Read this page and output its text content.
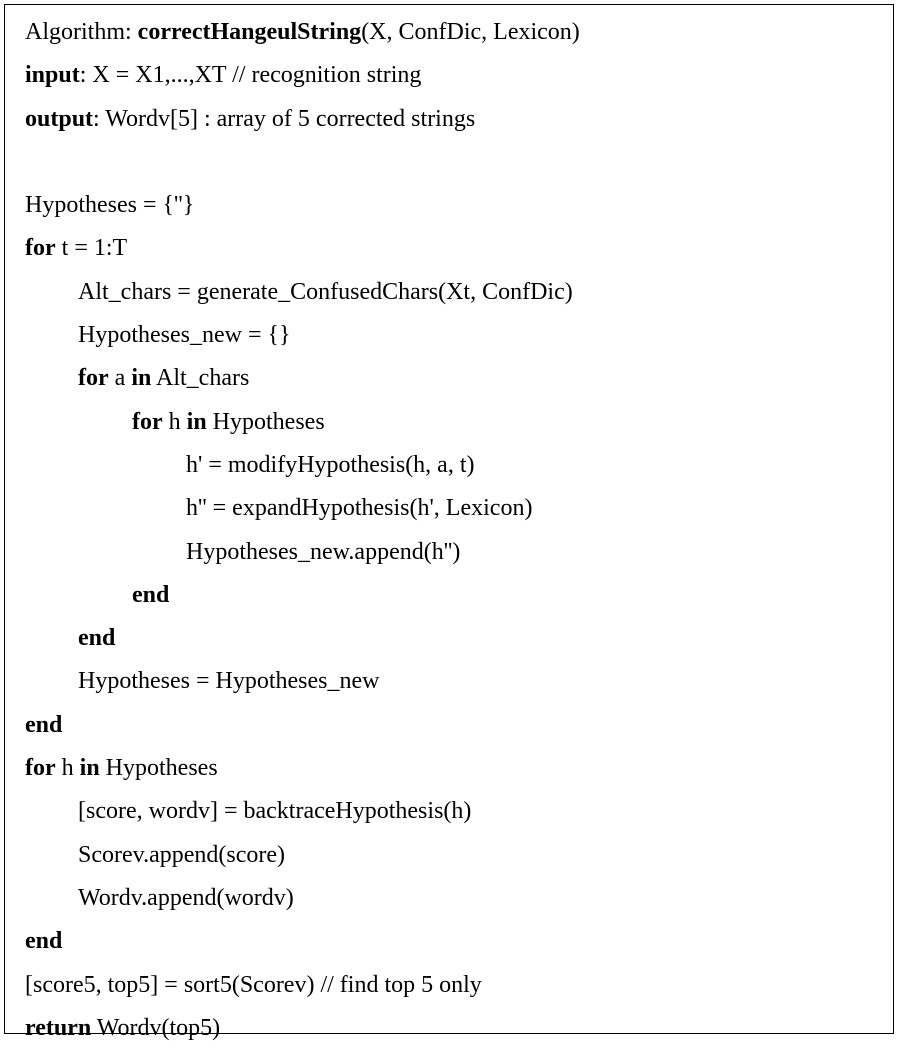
Algorithm: correctHangeulString(X, ConfDic, Lexicon)
input: X = X1,...,XT // recognition string
output: Wordv[5] : array of 5 corrected strings
Hypotheses = {''}
for t = 1:T
Alt_chars = generate_ConfusedChars(Xt, ConfDic)
Hypotheses_new = {}
for a in Alt_chars
for h in Hypotheses
h' = modifyHypothesis(h, a, t)
h'' = expandHypothesis(h', Lexicon)
Hypotheses_new.append(h'')
end
end
Hypotheses = Hypotheses_new
end
for h in Hypotheses
[score, wordv] = backtraceHypothesis(h)
Scorev.append(score)
Wordv.append(wordv)
end
[score5, top5] = sort5(Scorev) // find top 5 only
return Wordv(top5)
